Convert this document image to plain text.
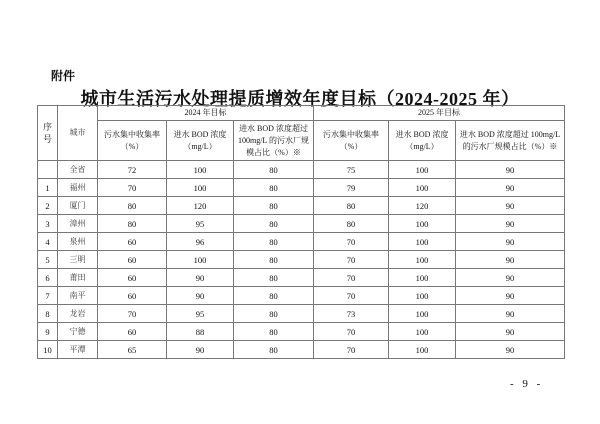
附件
城市生活污水处理提质增效年度目标（2024-2025 年）
序号	城市	2024 年目标			2025 年目标		
		污水集中收集率（%）	进水 BOD 浓度（mg/L）	进水 BOD 浓度超过 100mg/L 的污水厂规模占比（%）※	污水集中收集率（%）	进水 BOD 浓度（mg/L）	进水 BOD 浓度超过 100mg/L 的污水厂规模占比（%）※
	全省	72	100	80	75	100	90
1	福州	70	100	80	79	100	90
2	厦门	80	120	80	80	120	90
3	漳州	80	95	80	80	100	90
4	泉州	60	96	80	70	100	90
5	三明	60	100	80	70	100	90
6	莆田	60	90	80	70	100	90
7	南平	60	90	80	70	100	90
8	龙岩	70	95	80	73	100	90
9	宁德	60	88	80	70	100	90
10	平潭	65	90	80	70	100	90
- 9 -
